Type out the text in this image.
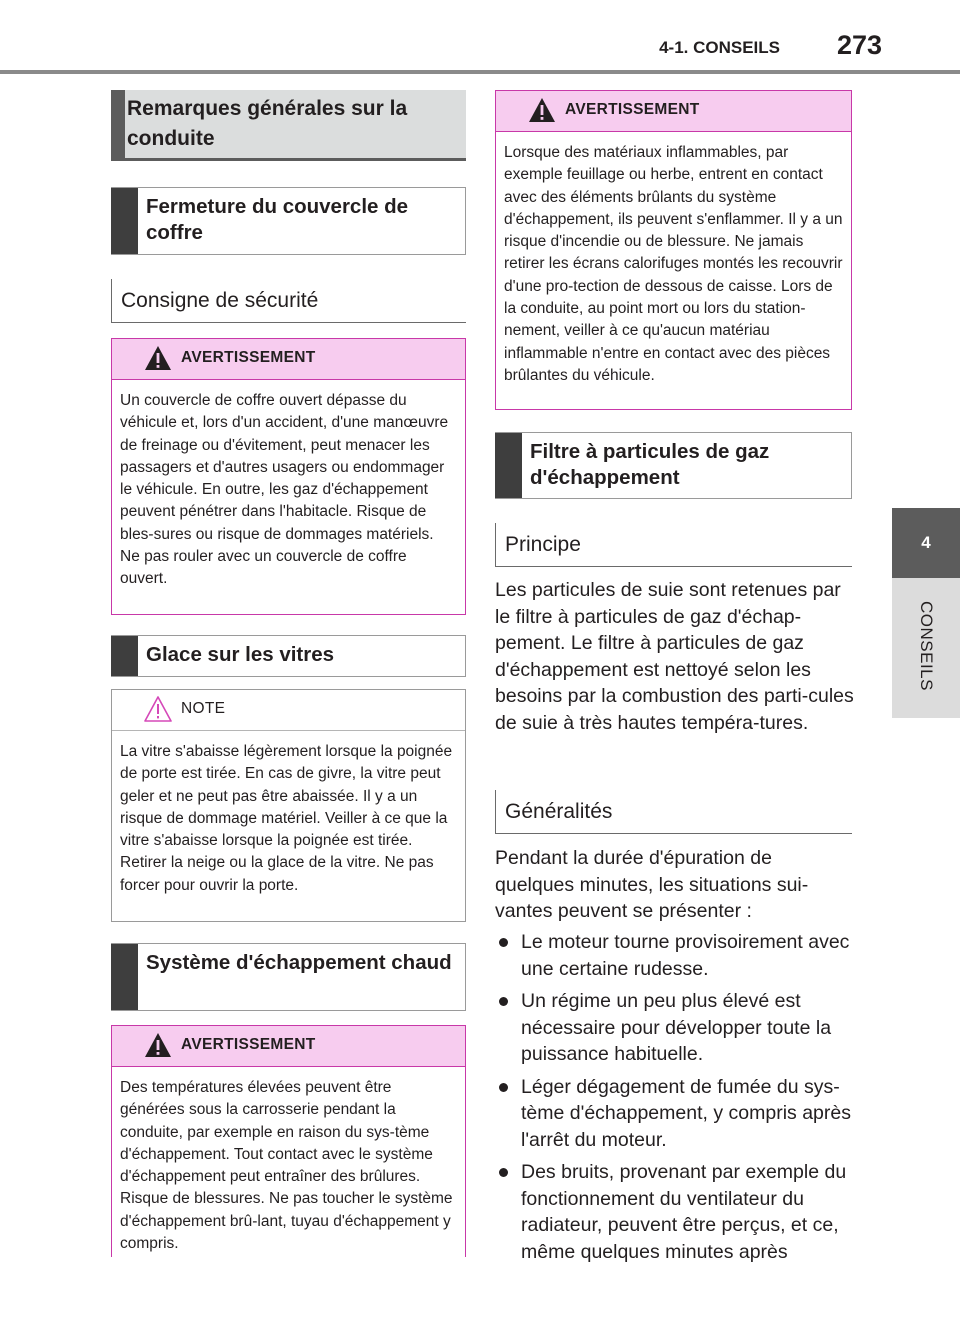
4-1. CONSEILS 273
4
CONSEILS
Remarques générales sur la conduite
Fermeture du couvercle de coffre
Consigne de sécurité
AVERTISSEMENT
Un couvercle de coffre ouvert dépasse du véhicule et, lors d'un accident, d'une manœuvre de freinage ou d'évitement, peut menacer les passagers et d'autres usagers ou endommager le véhicule. En outre, les gaz d'échappement peuvent pénétrer dans l'habitacle. Risque de bles-sures ou risque de dommages matériels. Ne pas rouler avec un couvercle de coffre ouvert.
Glace sur les vitres
NOTE
La vitre s'abaisse légèrement lorsque la poignée de porte est tirée. En cas de givre, la vitre peut geler et ne peut pas être abaissée. Il y a un risque de dommage matériel. Veiller à ce que la vitre s'abaisse lorsque la poignée est tirée. Retirer la neige ou la glace de la vitre. Ne pas forcer pour ouvrir la porte.
Système d'échappement chaud
AVERTISSEMENT
Des températures élevées peuvent être générées sous la carrosserie pendant la conduite, par exemple en raison du sys-tème d'échappement. Tout contact avec le système d'échappement peut entraîner des brûlures. Risque de blessures. Ne pas toucher le système d'échappement brû-lant, tuyau d'échappement y compris.
AVERTISSEMENT
Lorsque des matériaux inflammables, par exemple feuillage ou herbe, entrent en contact avec des éléments brûlants du système d'échappement, ils peuvent s'enflammer. Il y a un risque d'incendie ou de blessure. Ne jamais retirer les écrans calorifuges montés les recouvrir d'une pro-tection de dessous de caisse. Lors de la conduite, au point mort ou lors du station-nement, veiller à ce qu'aucun matériau inflammable n'entre en contact avec des pièces brûlantes du véhicule.
Filtre à particules de gaz d'échappement
Principe
Les particules de suie sont retenues par le filtre à particules de gaz d'échap-pement. Le filtre à particules de gaz d'échappement est nettoyé selon les besoins par la combustion des parti-cules de suie à très hautes tempéra-tures.
Généralités
Pendant la durée d'épuration de quelques minutes, les situations sui-vantes peuvent se présenter :
Le moteur tourne provisoirement avec une certaine rudesse.
Un régime un peu plus élevé est nécessaire pour développer toute la puissance habituelle.
Léger dégagement de fumée du sys-tème d'échappement, y compris après l'arrêt du moteur.
Des bruits, provenant par exemple du fonctionnement du ventilateur du radiateur, peuvent être perçus, et ce, même quelques minutes après
